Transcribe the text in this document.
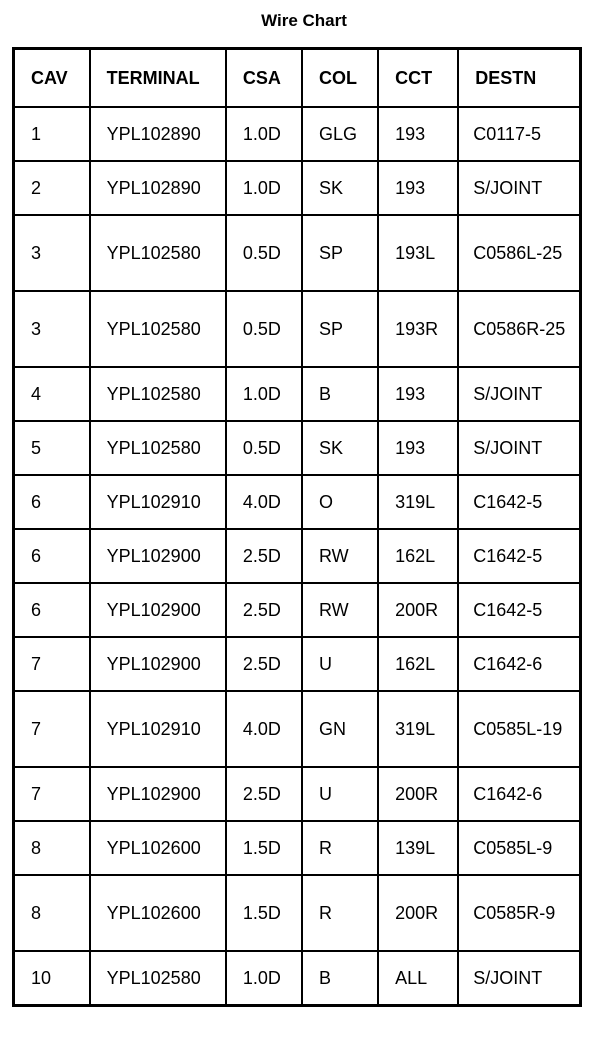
Wire Chart
CAV	TERMINAL	CSA	COL	CCT	DESTN
1	YPL102890	1.0D	GLG	193	C0117-5
2	YPL102890	1.0D	SK	193	S/JOINT
3	YPL102580	0.5D	SP	193L	C0586L-25
3	YPL102580	0.5D	SP	193R	C0586R-25
4	YPL102580	1.0D	B	193	S/JOINT
5	YPL102580	0.5D	SK	193	S/JOINT
6	YPL102910	4.0D	O	319L	C1642-5
6	YPL102900	2.5D	RW	162L	C1642-5
6	YPL102900	2.5D	RW	200R	C1642-5
7	YPL102900	2.5D	U	162L	C1642-6
7	YPL102910	4.0D	GN	319L	C0585L-19
7	YPL102900	2.5D	U	200R	C1642-6
8	YPL102600	1.5D	R	139L	C0585L-9
8	YPL102600	1.5D	R	200R	C0585R-9
10	YPL102580	1.0D	B	ALL	S/JOINT
